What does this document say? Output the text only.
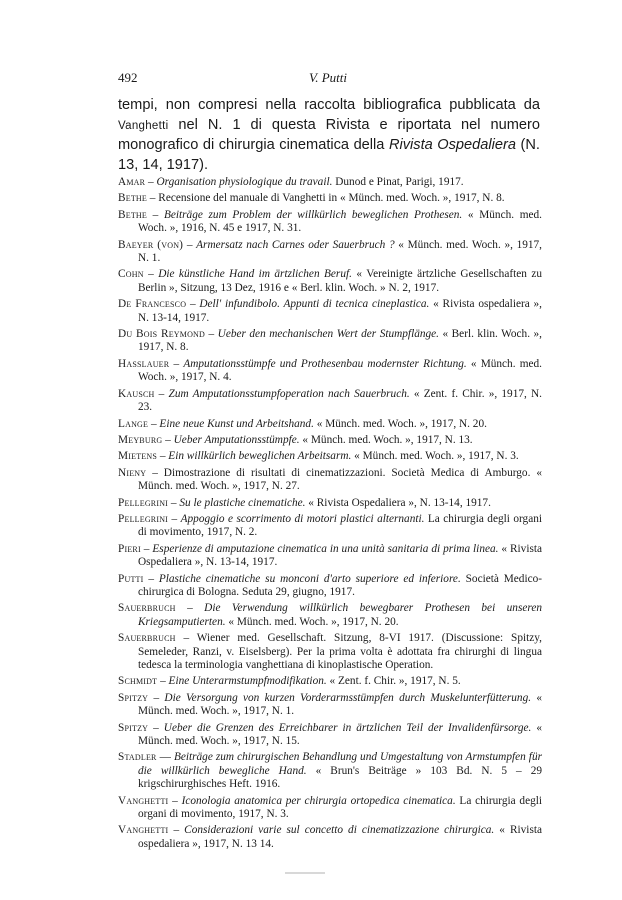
492	V. Putti
tempi, non compresi nella raccolta bibliografica pubblicata da Vanghetti nel N. 1 di questa Rivista e riportata nel numero monografico di chirurgia cinematica della Rivista Ospedaliera (N. 13, 14, 1917).
Amar – Organisation physiologique du travail. Dunod e Pinat, Parigi, 1917.
Bethe – Recensione del manuale di Vanghetti in « Münch. med. Woch. », 1917, N. 8.
Bethe – Beiträge zum Problem der willkürlich beweglichen Prothesen. « Münch. med. Woch. », 1916, N. 45 e 1917, N. 31.
Baeyer (von) – Armersatz nach Carnes oder Sauerbruch ? « Münch. med. Woch. », 1917, N. 1.
Cohn – Die künstliche Hand im ärtzlichen Beruf. « Vereinigte ärtzliche Gesellschaften zu Berlin », Sitzung, 13 Dez, 1916 e « Berl. klin. Woch. » N. 2, 1917.
De Francesco – Dell' infundibolo. Appunti di tecnica cineplastica. « Rivista ospedaliera », N. 13-14, 1917.
Du Bois Reymond – Ueber den mechanischen Wert der Stumpflänge. « Berl. klin. Woch. », 1917, N. 8.
Hasslauer – Amputationsstümpfe und Prothesenbau modernster Richtung. « Münch. med. Woch. », 1917, N. 4.
Kausch – Zum Amputationsstumpfoperation nach Sauerbruch. « Zent. f. Chir. », 1917, N. 23.
Lange – Eine neue Kunst und Arbeitshand. « Münch. med. Woch. », 1917, N. 20.
Meyburg – Ueber Amputationsstümpfe. « Münch. med. Woch. », 1917, N. 13.
Mietens – Ein willkürlich beweglichen Arbeitsarm. « Münch. med. Woch. », 1917, N. 3.
Nieny – Dimostrazione di risultati di cinematizzazioni. Società Medica di Amburgo. « Münch. med. Woch. », 1917, N. 27.
Pellegrini – Su le plastiche cinematiche. « Rivista Ospedaliera », N. 13-14, 1917.
Pellegrini – Appoggio e scorrimento di motori plastici alternanti. La chirurgia degli organi di movimento, 1917, N. 2.
Pieri – Esperienze di amputazione cinematica in una unità sanitaria di prima linea. « Rivista Ospedaliera », N. 13-14, 1917.
Putti – Plastiche cinematiche su monconi d'arto superiore ed inferiore. Società Medico-chirurgica di Bologna. Seduta 29, giugno, 1917.
Sauerbruch – Die Verwendung willkürlich bewegbarer Prothesen bei unseren Kriegsamputierten. « Münch. med. Woch. », 1917, N. 20.
Sauerbruch – Wiener med. Gesellschaft. Sitzung, 8-VI 1917. (Discussione: Spitzy, Semeleder, Ranzi, v. Eiselsberg). Per la prima volta è adottata fra chirurghi di lingua tedesca la terminologia vanghettiana di kinoplastische Operation.
Schmidt – Eine Unterarmstumpfmodifikation. « Zent. f. Chir. », 1917, N. 5.
Spitzy – Die Versorgung von kurzen Vorderarmsstümpfen durch Muskelunterfütterung. « Münch. med. Woch. », 1917, N. 1.
Spitzy – Ueber die Grenzen des Erreichbarer in ärtzlichen Teil der Invalidenfürsorge. « Münch. med. Woch. », 1917, N. 15.
Stadler — Beiträge zum chirurgischen Behandlung und Umgestaltung von Armstumpfen für die willkürlich bewegliche Hand. « Brun's Beiträge » 103 Bd. N. 5 – 29 krigschirurghisches Heft. 1916.
Vanghetti – Iconologia anatomica per chirurgia ortopedica cinematica. La chirurgia degli organi di movimento, 1917, N. 3.
Vanghetti – Considerazioni varie sul concetto di cinematizzazione chirurgica. « Rivista ospedaliera », 1917, N. 13 14.
